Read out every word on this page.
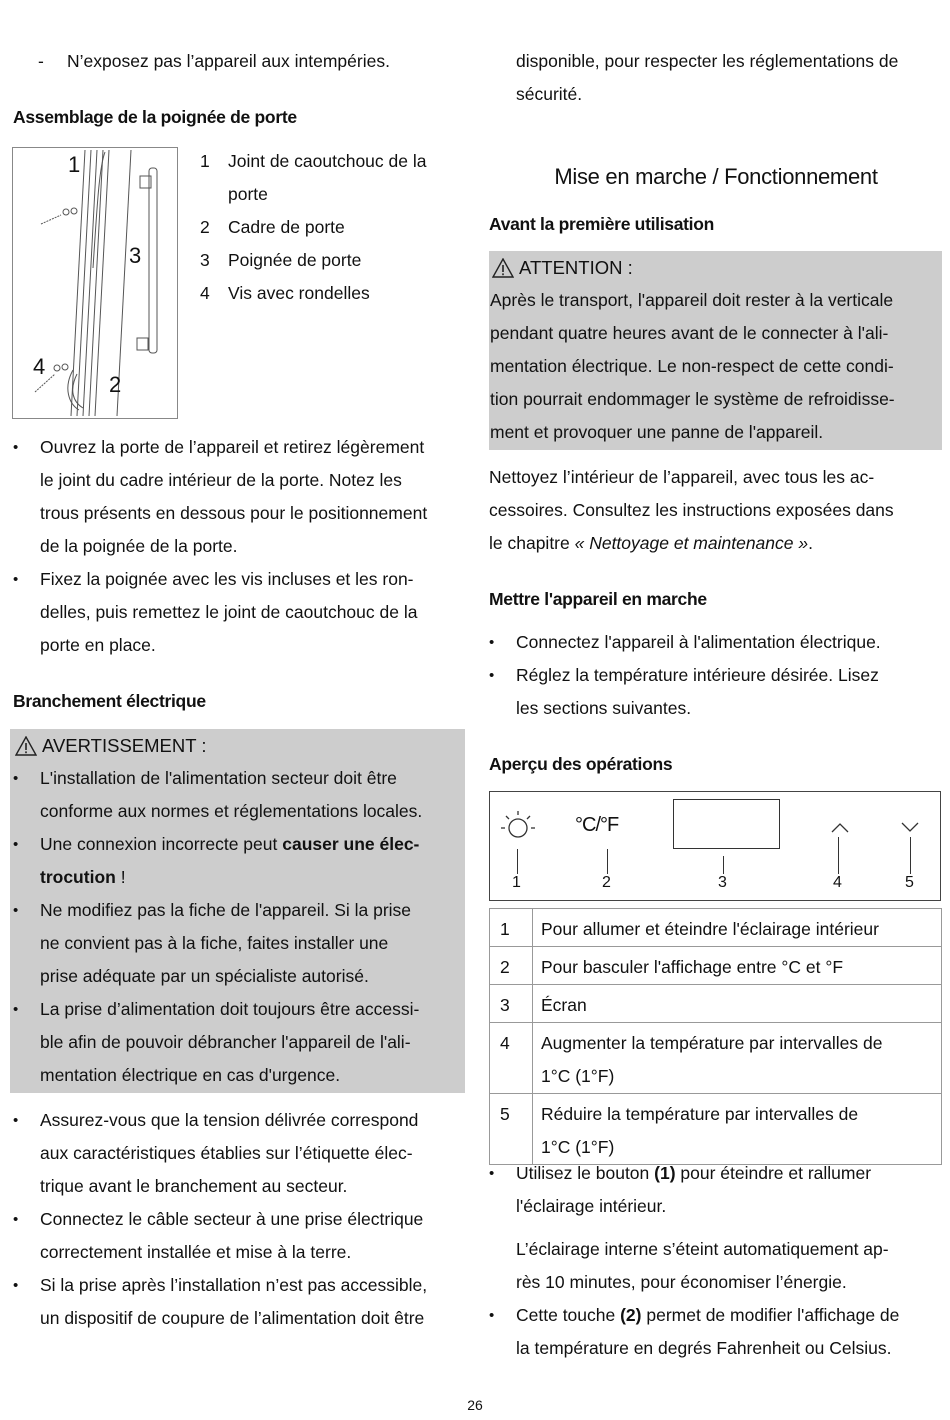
- N’exposez pas l’appareil aux intempéries.
Assemblage de la poignée de porte
1
3
4
2
1	Joint de caoutchouc de la
porte
2	Cadre de porte
3	Poignée de porte
4	Vis avec rondelles
• Ouvrez la porte de l’appareil et retirez légèrement
le joint du cadre intérieur de la porte. Notez les
trous présents en dessous pour le positionnement
de la poignée de la porte.
• Fixez la poignée avec les vis incluses et les ron-
delles, puis remettez le joint de caoutchouc de la
porte en place.
Branchement électrique
AVERTISSEMENT :
• L'installation de l'alimentation secteur doit être
conforme aux normes et réglementations locales.
• Une connexion incorrecte peut causer une élec-
trocution !
• Ne modifiez pas la fiche de l'appareil. Si la prise
ne convient pas à la fiche, faites installer une
prise adéquate par un spécialiste autorisé.
• La prise d’alimentation doit toujours être accessi-
ble afin de pouvoir débrancher l'appareil de l'ali-
mentation électrique en cas d'urgence.
• Assurez-vous que la tension délivrée correspond
aux caractéristiques établies sur l’étiquette élec-
trique avant le branchement au secteur.
• Connectez le câble secteur à une prise électrique
correctement installée et mise à la terre.
• Si la prise après l’installation n’est pas accessible,
un dispositif de coupure de l’alimentation doit être
disponible, pour respecter les réglementations de
sécurité.
Mise en marche / Fonctionnement
Avant la première utilisation
ATTENTION :
Après le transport, l'appareil doit rester à la verticale
pendant quatre heures avant de le connecter à l'ali-
mentation électrique. Le non-respect de cette condi-
tion pourrait endommager le système de refroidisse-
ment et provoquer une panne de l'appareil.
Nettoyez l’intérieur de l’appareil, avec tous les ac-
cessoires. Consultez les instructions exposées dans
le chapitre « Nettoyage et maintenance ».
Mettre l'appareil en marche
• Connectez l'appareil à l'alimentation électrique.
• Réglez la température intérieure désirée. Lisez
les sections suivantes.
Aperçu des opérations
°C/°F
1	2	3	4	5
1	Pour allumer et éteindre l'éclairage intérieur

2	Pour basculer l'affichage entre °C et °F

3	Écran

4	Augmenter la température par intervalles de
1°C (1°F)

5	Réduire la température par intervalles de
1°C (1°F)
• Utilisez le bouton (1) pour éteindre et rallumer
l'éclairage intérieur.
L’éclairage interne s’éteint automatiquement ap-
rès 10 minutes, pour économiser l’énergie.
• Cette touche (2) permet de modifier l'affichage de
la température en degrés Fahrenheit ou Celsius.
26
